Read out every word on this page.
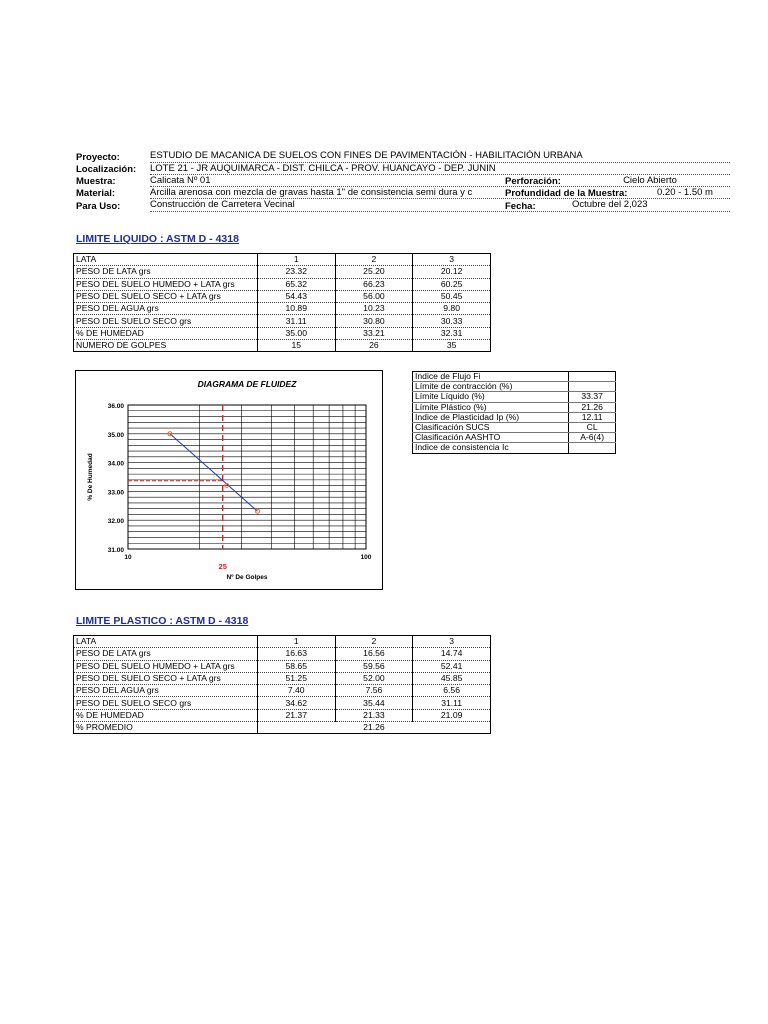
Proyecto:	ESTUDIO DE MACANICA DE SUELOS CON FINES DE PAVIMENTACIÓN - HABILITACIÓN URBANA
Localización: LOTE 21 - JR AUQUIMARCA - DIST. CHILCA - PROV. HUANCAYO - DEP. JUNIN
Muestra:	Calicata Nº 01	Perforación:	Cielo Abierto
Material:	Arcilla arenosa con mezcla de gravas hasta 1" de consistencia semi dura y c	Profundidad de la Muestra:	0.20 - 1.50 m
Para Uso:	Construcción de Carretera Vecinal	Fecha:	Octubre del 2,023
LIMITE LIQUIDO : ASTM D - 4318
LATA	1	2	3
PESO DE LATA grs	23.32	25.20	20.12
PESO DEL SUELO HUMEDO + LATA grs	65.32	66.23	60.25
PESO DEL SUELO SECO + LATA grs	54.43	56.00	50.45
PESO DEL AGUA grs	10.89	10.23	9.80
PESO DEL SUELO SECO grs	31.11	30.80	30.33
% DE HUMEDAD	35.00	33.21	32.31
NUMERO DE GOLPES	15	26	35
Indice de Flujo Fi	
Límite de contracción (%)	
Límite Líquido (%)	33.37
Límite Plástico (%)	21.26
Indice de Plasticidad Ip (%)	12.11
Clasificación SUCS	CL
Clasificación AASHTO	A-6(4)
Indice de consistencia Ic	
DIAGRAMA DE FLUIDEZ
36.00
35.00
34.00
33.00
32.00
31.00
10	100
Nº De Golpes
% De Humedad
25
LIMITE PLASTICO : ASTM D - 4318
LATA	1	2	3
PESO DE LATA grs	16.63	16.56	14.74
PESO DEL SUELO HUMEDO + LATA grs	58.65	59.56	52.41
PESO DEL SUELO SECO + LATA grs	51.25	52.00	45.85
PESO DEL AGUA grs	7.40	7.56	6.56
PESO DEL SUELO SECO grs	34.62	35.44	31.11
% DE HUMEDAD	21.37	21.33	21.09
% PROMEDIO	21.26		
